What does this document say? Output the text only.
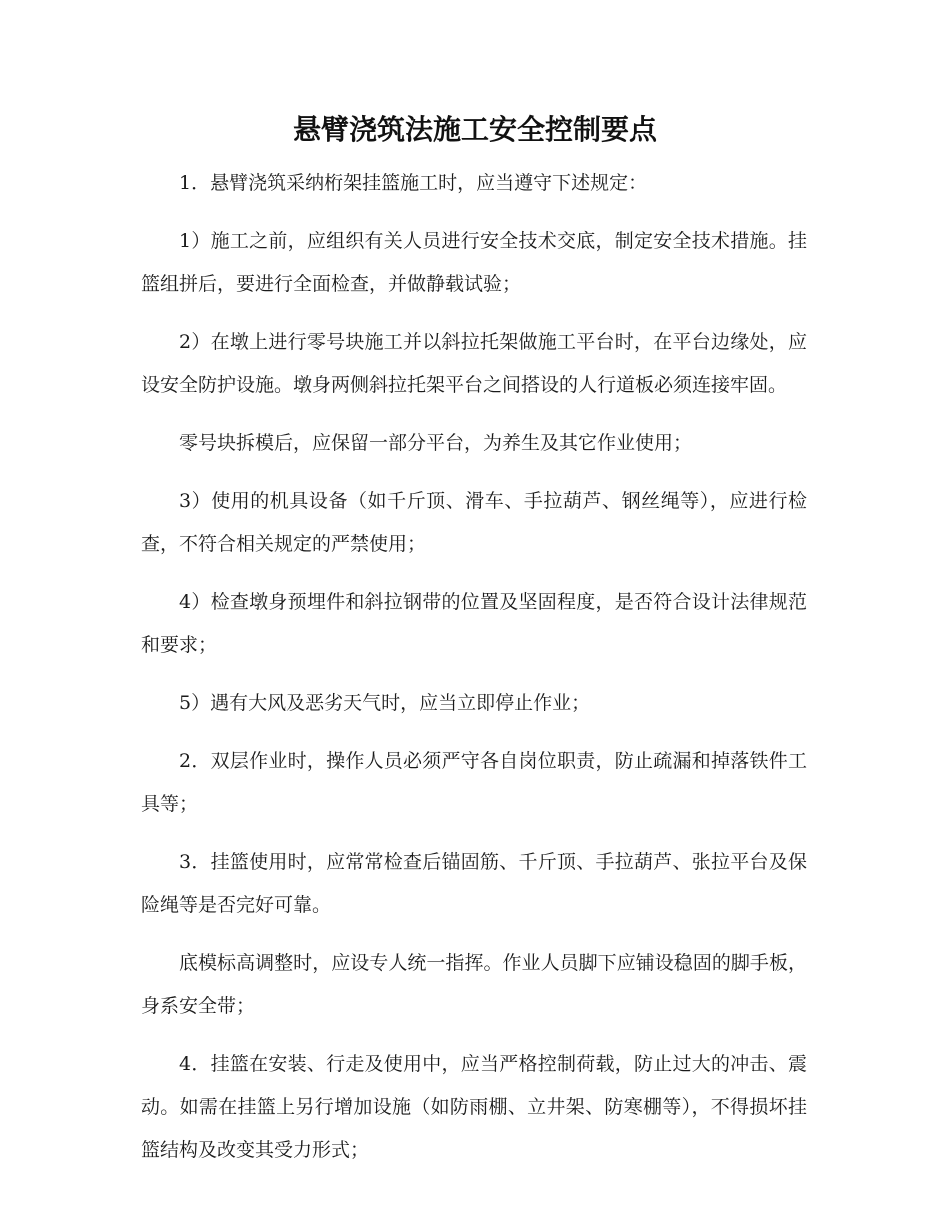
悬臂浇筑法施工安全控制要点

1．悬臂浇筑采纳桁架挂篮施工时，应当遵守下述规定：

1）施工之前，应组织有关人员进行安全技术交底，制定安全技术措施。挂篮组拼后，要进行全面检查，并做静载试验；

2）在墩上进行零号块施工并以斜拉托架做施工平台时，在平台边缘处，应设安全防护设施。墩身两侧斜拉托架平台之间搭设的人行道板必须连接牢固。

零号块拆模后，应保留一部分平台，为养生及其它作业使用；

3）使用的机具设备（如千斤顶、滑车、手拉葫芦、钢丝绳等），应进行检查，不符合相关规定的严禁使用；

4）检查墩身预埋件和斜拉钢带的位置及坚固程度，是否符合设计法律规范和要求；

5）遇有大风及恶劣天气时，应当立即停止作业；

2．双层作业时，操作人员必须严守各自岗位职责，防止疏漏和掉落铁件工具等；

3．挂篮使用时，应常常检查后锚固筋、千斤顶、手拉葫芦、张拉平台及保险绳等是否完好可靠。

底模标高调整时，应设专人统一指挥。作业人员脚下应铺设稳固的脚手板，身系安全带；

4．挂篮在安装、行走及使用中，应当严格控制荷载，防止过大的冲击、震动。如需在挂篮上另行增加设施（如防雨棚、立井架、防寒棚等），不得损坏挂篮结构及改变其受力形式；
